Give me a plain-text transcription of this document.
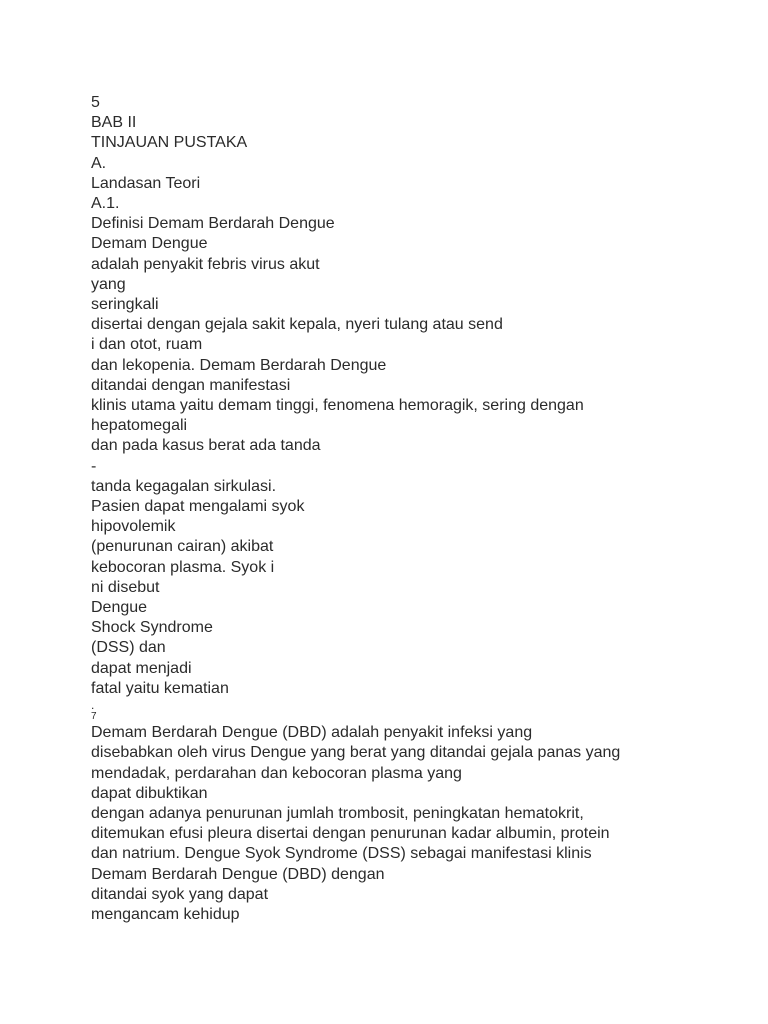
5
BAB II
TINJAUAN PUSTAKA
A.
Landasan Teori
A.1.
Definisi Demam Berdarah Dengue
Demam Dengue
adalah penyakit febris virus akut
yang
seringkali
disertai dengan gejala sakit kepala, nyeri tulang atau send
i dan otot, ruam
dan lekopenia. Demam Berdarah Dengue
ditandai dengan manifestasi
klinis utama yaitu demam tinggi, fenomena hemoragik, sering dengan
hepatomegali
dan pada kasus berat ada tanda
-
tanda kegagalan sirkulasi.
Pasien dapat mengalami syok
hipovolemik
(penurunan cairan) akibat
kebocoran plasma. Syok i
ni disebut
Dengue
Shock Syndrome
(DSS) dan
dapat menjadi
fatal yaitu kematian
.
7
Demam Berdarah Dengue (DBD) adalah penyakit infeksi yang
disebabkan oleh virus Dengue yang berat yang ditandai gejala panas yang
mendadak, perdarahan dan kebocoran plasma yang
dapat dibuktikan
dengan adanya penurunan jumlah trombosit, peningkatan hematokrit,
ditemukan efusi pleura disertai dengan penurunan kadar albumin, protein
dan natrium. Dengue Syok Syndrome (DSS) sebagai manifestasi klinis
Demam Berdarah Dengue (DBD) dengan
ditandai syok yang dapat
mengancam kehidup
